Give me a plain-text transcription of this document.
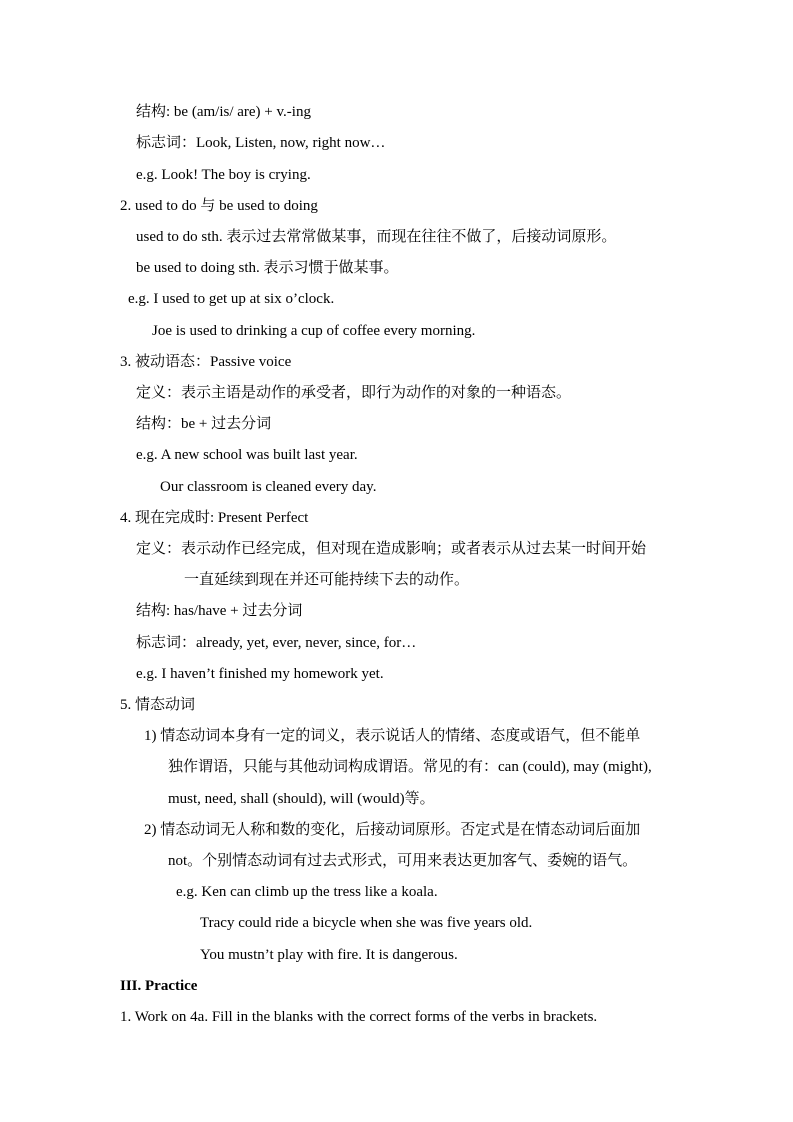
结构: be (am/is/ are) + v.-ing
标志词：Look, Listen, now, right now…
e.g. Look! The boy is crying.
2. used to do 与 be used to doing
used to do sth. 表示过去常常做某事，而现在往往不做了，后接动词原形。
be used to doing sth. 表示习惯于做某事。
e.g. I used to get up at six o’clock.
Joe is used to drinking a cup of coffee every morning.
3. 被动语态：Passive voice
定义：表示主语是动作的承受者，即行为动作的对象的一种语态。
结构：be + 过去分词
e.g. A new school was built last year.
Our classroom is cleaned every day.
4. 现在完成时: Present Perfect
定义：表示动作已经完成，但对现在造成影响；或者表示从过去某一时间开始
一直延续到现在并还可能持续下去的动作。
结构: has/have + 过去分词
标志词：already, yet, ever, never, since, for…
e.g. I haven’t finished my homework yet.
5. 情态动词
1) 情态动词本身有一定的词义，表示说话人的情绪、态度或语气，但不能单
独作谓语，只能与其他动词构成谓语。常见的有：can (could), may (might),
must, need, shall (should), will (would)等。
2) 情态动词无人称和数的变化，后接动词原形。否定式是在情态动词后面加
not。个别情态动词有过去式形式，可用来表达更加客气、委婉的语气。
e.g. Ken can climb up the tress like a koala.
Tracy could ride a bicycle when she was five years old.
You mustn’t play with fire. It is dangerous.
III. Practice
1. Work on 4a. Fill in the blanks with the correct forms of the verbs in brackets.
